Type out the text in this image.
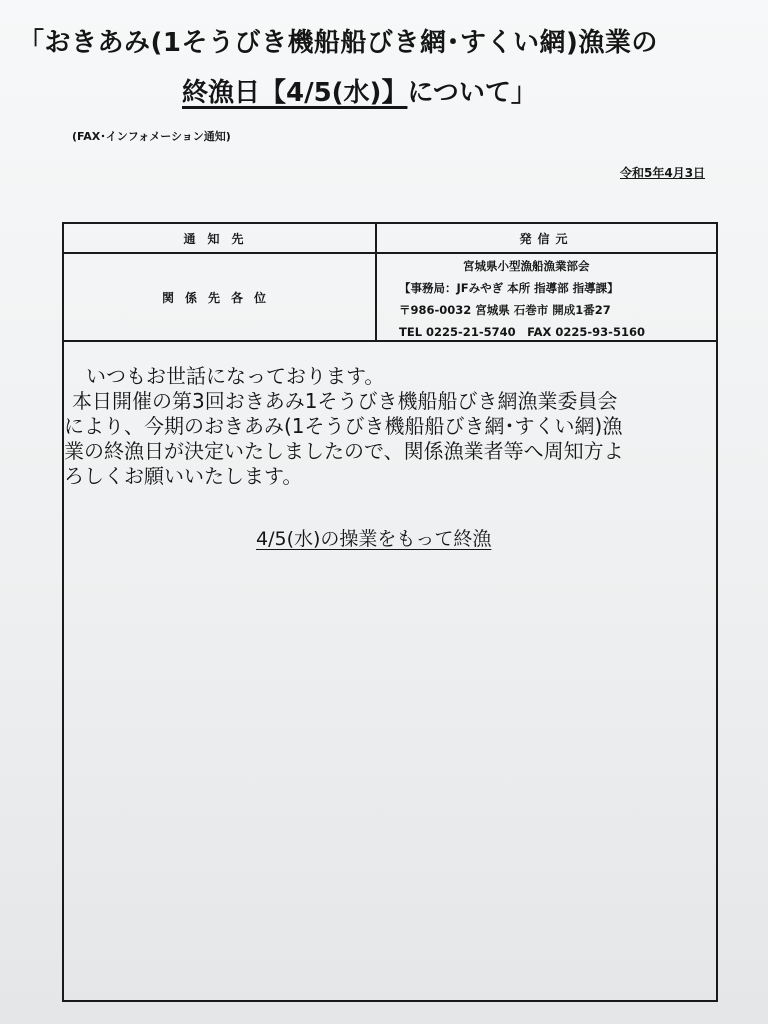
「おきあみ(1そうびき機船船びき網･すくい網)漁業の
終漁日【4/5(水)】について」
(FAX･インフォメーション通知)
令和5年4月3日
通知先	発信元
関係先各位
宮城県小型漁船漁業部会
【事務局：JFみやぎ 本所 指導部 指導課】
〒986-0032 宮城県 石巻市 開成1番27
TEL 0225-21-5740　FAX 0225-93-5160
いつもお世話になっております。
本日開催の第3回おきあみ1そうびき機船船びき網漁業委員会
により、今期のおきあみ(1そうびき機船船びき網･すくい網)漁
業の終漁日が決定いたしましたので、関係漁業者等へ周知方よ
ろしくお願いいたします。
4/5(水)の操業をもって終漁
